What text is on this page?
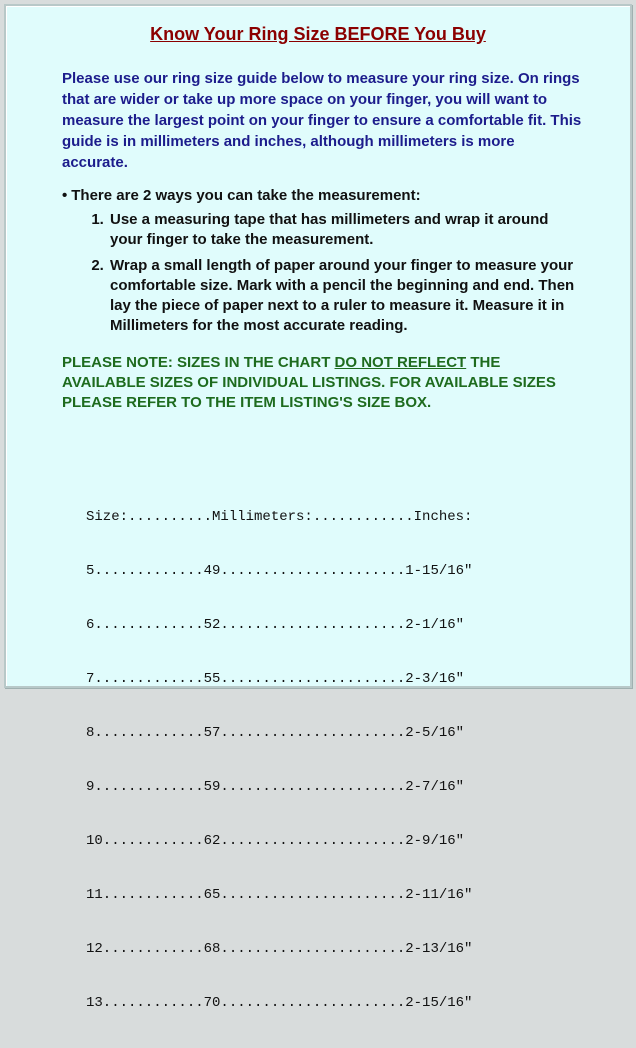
Know Your Ring Size BEFORE You Buy

Please use our ring size guide below to measure your ring size. On rings that are wider or take up more space on your finger, you will want to measure the largest point on your finger to ensure a comfortable fit. This guide is in millimeters and inches, although millimeters is more accurate.

• There are 2 ways you can take the measurement:

1. Use a measuring tape that has millimeters and wrap it around your finger to take the measurement.
2. Wrap a small length of paper around your finger to measure your comfortable size. Mark with a pencil the beginning and end. Then lay the piece of paper next to a ruler to measure it. Measure it in Millimeters for the most accurate reading.

PLEASE NOTE: SIZES IN THE CHART DO NOT REFLECT THE AVAILABLE SIZES OF INDIVIDUAL LISTINGS. FOR AVAILABLE SIZES PLEASE REFER TO THE ITEM LISTING'S SIZE BOX.

Size:..........Millimeters:............Inches:

5.............49......................1-15/16"

6.............52......................2-1/16"

7.............55......................2-3/16"

8.............57......................2-5/16"

9.............59......................2-7/16"

10............62......................2-9/16"

11............65......................2-11/16"

12............68......................2-13/16"

13............70......................2-15/16"
